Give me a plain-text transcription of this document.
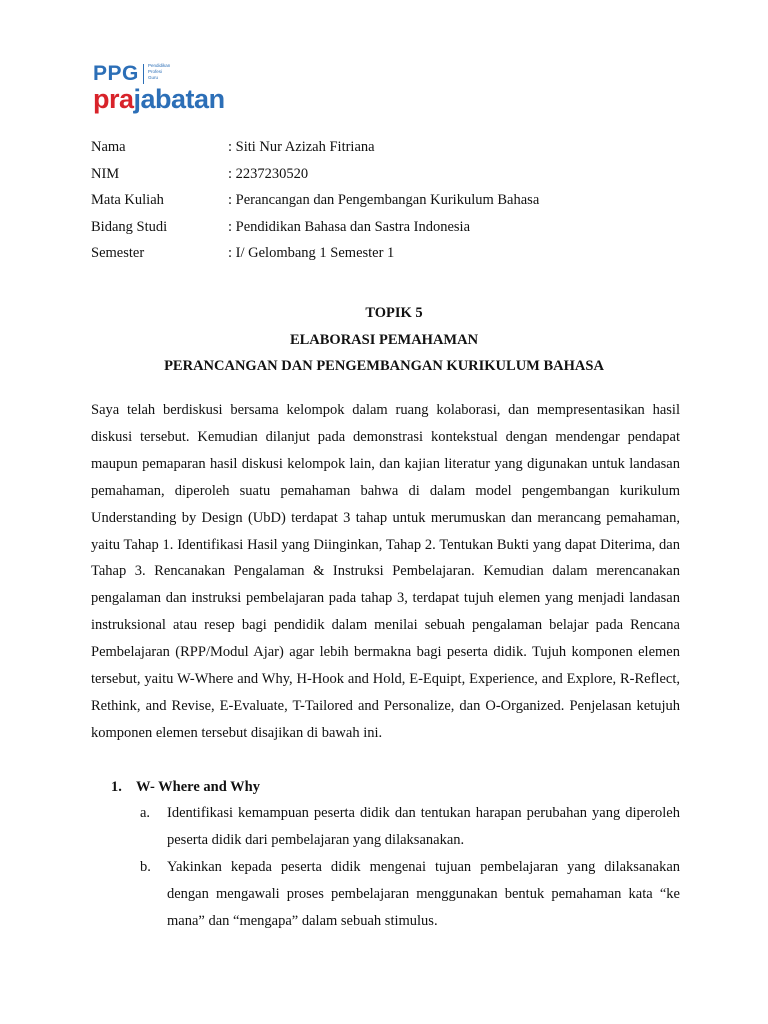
PPG Pendidikan
Profesi
Guru
prajabatan
Nama	: Siti Nur Azizah Fitriana
NIM	: 2237230520
Mata Kuliah	: Perancangan dan Pengembangan Kurikulum Bahasa
Bidang Studi	: Pendidikan Bahasa dan Sastra Indonesia
Semester	: I/ Gelombang 1 Semester 1
TOPIK 5
ELABORASI PEMAHAMAN
PERANCANGAN DAN PENGEMBANGAN KURIKULUM BAHASA

Saya telah berdiskusi bersama kelompok dalam ruang kolaborasi, dan mempresentasikan hasil diskusi tersebut. Kemudian dilanjut pada demonstrasi kontekstual dengan mendengar pendapat maupun pemaparan hasil diskusi kelompok lain, dan kajian literatur yang digunakan untuk landasan pemahaman, diperoleh suatu pemahaman bahwa di dalam model pengembangan kurikulum Understanding by Design (UbD) terdapat 3 tahap untuk merumuskan dan merancang pemahaman, yaitu Tahap 1. Identifikasi Hasil yang Diinginkan, Tahap 2. Tentukan Bukti yang dapat Diterima, dan Tahap 3. Rencanakan Pengalaman & Instruksi Pembelajaran. Kemudian dalam merencanakan pengalaman dan instruksi pembelajaran pada tahap 3, terdapat tujuh elemen yang menjadi landasan instruksional atau resep bagi pendidik dalam menilai sebuah pengalaman belajar pada Rencana Pembelajaran (RPP/Modul Ajar) agar lebih bermakna bagi peserta didik. Tujuh komponen elemen tersebut, yaitu W-Where and Why, H-Hook and Hold, E-Equipt, Experience, and Explore, R-Reflect, Rethink, and Revise, E-Evaluate, T-Tailored and Personalize, dan O-Organized. Penjelasan ketujuh komponen elemen tersebut disajikan di bawah ini.

1. W- Where and Why
a. Identifikasi kemampuan peserta didik dan tentukan harapan perubahan yang diperoleh peserta didik dari pembelajaran yang dilaksanakan.
b. Yakinkan kepada peserta didik mengenai tujuan pembelajaran yang dilaksanakan dengan mengawali proses pembelajaran menggunakan bentuk pemahaman kata “ke mana” dan “mengapa” dalam sebuah stimulus.
